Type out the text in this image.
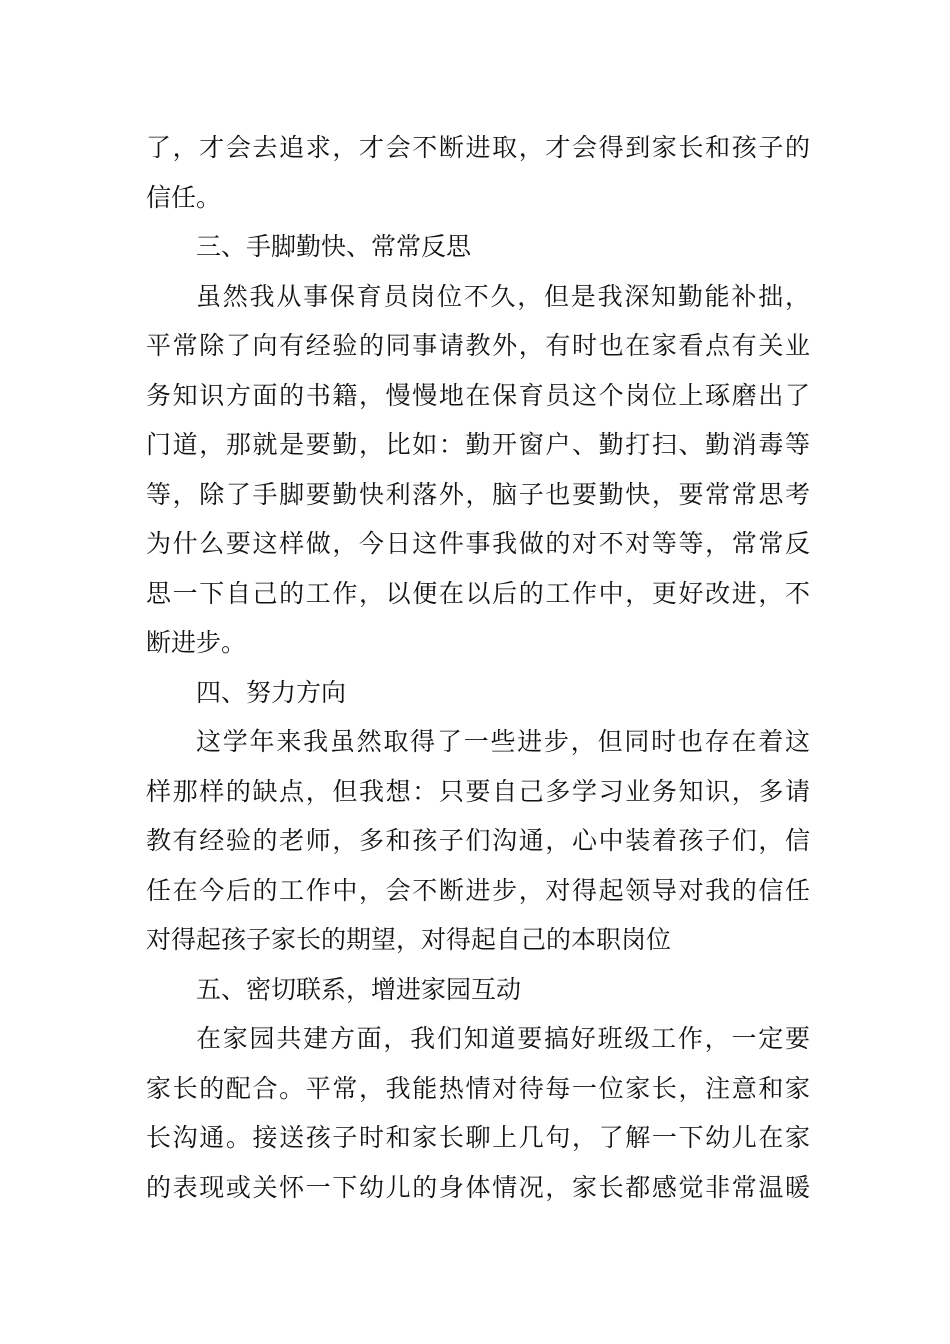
了，才会去追求，才会不断进取，才会得到家长和孩子的
信任。
三、手脚勤快、常常反思
虽然我从事保育员岗位不久，但是我深知勤能补拙，
平常除了向有经验的同事请教外，有时也在家看点有关业
务知识方面的书籍，慢慢地在保育员这个岗位上琢磨出了
门道，那就是要勤，比如：勤开窗户、勤打扫、勤消毒等
等，除了手脚要勤快利落外，脑子也要勤快，要常常思考
为什么要这样做，今日这件事我做的对不对等等，常常反
思一下自己的工作，以便在以后的工作中，更好改进，不
断进步。
四、努力方向
这学年来我虽然取得了一些进步，但同时也存在着这
样那样的缺点，但我想：只要自己多学习业务知识，多请
教有经验的老师，多和孩子们沟通，心中装着孩子们，信
任在今后的工作中，会不断进步，对得起领导对我的信任
对得起孩子家长的期望，对得起自己的本职岗位
五、密切联系，增进家园互动
在家园共建方面，我们知道要搞好班级工作，一定要
家长的配合。平常，我能热情对待每一位家长，注意和家
长沟通。接送孩子时和家长聊上几句，了解一下幼儿在家
的表现或关怀一下幼儿的身体情况，家长都感觉非常温暖
